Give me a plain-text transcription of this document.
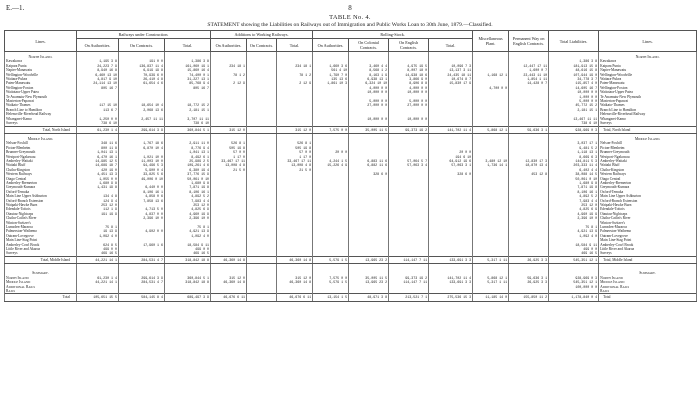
E.—1.	8
TABLE No. 4.
STATEMENT showing the Liabilities on Railways out of Immigration and Public Works Loan to 30th June, 1879.—Classified.
Lines.	Railways under Construction.			Additions to Working Railways.			Rolling-Stock.				Miscellaneous Plant.	Permanent Way on English Contracts.	Total Liabilities.	Lines.
	On Authorities.	On Contracts.	Total.	On Authorities.	On Contracts.	Total.	On Authorities.	On Colonial Contracts.	On English Contracts.	Total.				
North Island.														North Island.
Kawakawa	1,195 3 8	191 0 0	1,386 3 8										1,386 3 8	Kawakawa
Kaipara Punia	24,223 7 9	136,837 11 4	161,060 19 1	234 18 1		234 18 1	1,660 3 6	3,460 4 4	4,975 19 5	10,096 7 3		12,447 17 11	181,913 15 8	Kaipara Punia
Napier-Manawatu	8,940 16 8	6,919 19 8	15,860 16 4				561 4 10	8,568 1 2	8,007 18 0	13,137 3 11		1,600 0 7	48,616 15 8	Napier-Manawatu
Wellington-Woodville	6,460 13 10	70,939 6 0	74,400 0 1	78 1 2		78 1 2	1,790 7 0	8,163 1 9	14,938 18 6	24,435 18 11	1,168 12 1	23,443 11 10	107,944 19 0	Wellington-Woodville
Waitara-Pukea	4,817 9 10	26,410 4 8	31,227 13 1				135 13 6	6,938 13 1	3,866 9 0	10,674 8 7		1,854 1 11	34,778 3 7	Waitara-Pukea
Paten-Manawatu	24,114 13 10	61,654 4 6	85,768 9 4	2 12 9		2 12 9	1,861 10 3	6,324 10 10	8,906 8 8	15,830 17 9		14,428 0 7	115,857 4 0	Paten-Manawatu
Wellington-Foxton	805 16 7		805 16 7					4,000 0 0	4,000 0 0		4,700 0 0		14,605 16 7	Wellington-Foxton
Waitotara-Upper Patea								10,000 0 0	10,000 0 0				10,000 0 0	Waitotara-Upper Patea
Te Awamutu-New Plymouth													1,000 0 0	Te Awamutu-New Plymouth
Masterton-Papawai								5,000 0 0	5,000 0 0				5,000 0 0	Masterton-Papawai
Waikato-Thames	117 15 10	18,654 10 4	18,772 15 2					27,000 0 0	27,000 0 0				45,772 15 2	Waikato-Thames
Branch Line to Hamilton	113 6 7	2,068 13 6	2,181 15 1										2,181 15 1	Branch Line to Hamilton
Helensville-Riverhead Railway														Helensville-Riverhead Railway
Whangarei-Kamo	1,250 0 0	2,457 11 11	3,707 11 11					10,000 0 0	10,000 0 0				13,467 11 11	Whangarei-Kamo
Surveys	738 6 10		738 6 10										738 6 10	Surveys
Total, North Island	61,230 1 4	299,614 3 9	360,844 5 1	315 12 0		315 12 0	7,575 0 0	35,005 11 5	99,373 19 2	141,702 11 4	5,868 12 1	59,636 3 1	928,969 0 3	Total, North Island
Middle Island.														Middle Island.
Nelson-Foxhill	348 11 6	1,767 18 6	2,911 11 0	526 8 1		526 8 1							3,037 17 1	Nelson-Foxhill
Picton-Blenheim	800 11 8	6,870 10 4	8,776 9 4	505 19 8		505 19 8							9,481 5 2	Picton-Blenheim
Brunner-Greymouth	1,041 13 1		1,041 13 1	57 0 0		57 0 0	20 0 0			20 0 0			1,118 13 1	Brunner-Greymouth
Westport-Ngakawau	6,470 16 1	1,021 10 0	8,492 6 1	1 17 0		1 17 0				194 6 10			8,669 6 3	Westport-Ngakawau
Amberley-Waitaki	14,985 12 5	11,003 10 0	25,989 2 5	33,467 17 11		33,467 17 11	4,244 1 5	6,883 11 6	57,064 5 7	64,912 19 6	3,480 12 10	12,830 17 3	144,811 5 3	Amberley-Waitaki
Waitaki Bluff	14,689 18 7	94,496 5 3	109,261 4 6	13,008 4 8		13,008 4 8	15,226 4 9	6,882 11 6	57,063 3 4	57,063 3 1	1,736 14 1	18,870 13 4	203,333 11 4	Waitaki Bluff
Clutha-Kingston	420 19 0	5,900 0 4	6,380 19 4	21 5 0		21 5 0							6,402 4 4	Clutha-Kingston
Western Railways	4,451 13 3	33,825 5 6	37,776 15 9					328 6 0		328 6 0		453 12 8	38,088 14 5	Western Railways
Otago Central	1,055 0 0	49,006 0 10	50,061 0 10										50,061 0 10	Otago Central
Amberley-Bremerton	1,680 9 8		1,680 9 8										1,680 9 8	Amberley-Bremerton
Greymouth-Kumara	1,431 19 8	6,440 0 0	7,871 19 8										7,871 19 8	Greymouth-Kumara
Oxford-Temuka		8,106 16 1	8,106 16 1										8,106 16 1	Oxford-Temuka
Main Line Upper Ashburton	134 4 8	4,858 0 6	4,892 5 2										4,892 5 2	Main Line Upper Ashburton
Oxford-Branch Extension	124 9 4	7,858 13 6	7,983 4 4										7,983 4 4	Oxford-Branch Extension
Waipaki-Hawke Burn	253 12 0		253 12 0										253 12 0	Waipaki-Hawke Burn
Edendale-Toitois	112 1 9	4,713 5 0	4,825 6 9										4,825 6 9	Edendale-Toitois
Otautau-Nightcaps	191 19 9	4,837 0 0	4,960 19 9										4,960 19 9	Otautau-Nightcaps
Clutha-Catlin's River		2,396 10 0	2,396 10 0										2,396 10 0	Clutha-Catlin's River
Winton-Switzer's														Winton-Switzer's
Lumsden-Mararoa	75 8 1		75 8 1										75 8 1	Lumsden-Mararoa
Palmerston-Waihemo	19 13 9	4,902 0 0	4,921 13 9										4,921 13 9	Palmerston-Waihemo
Outram-Lovegrove	1,092 4 0		1,092 4 0										1,092 4 0	Outram-Lovegrove
Main Line-Stag Point														Main Line-Stag Point
Amberley-Cowl Brook	624 8 5	17,960 1 6	18,584 9 11										18,584 9 11	Amberley-Cowl Brook
Little River and Akaroa	499 0 0		499 0 0										499 0 0	Little River and Akaroa
Surveys	469 16 5		469 16 5										469 16 5	Surveys
Total, Middle Island	44,221 14 1	284,531 4 7	318,842 18 8	46,360 14 8		46,360 14 8	5,579 1 5	13,965 23 2	114,147 7 11	133,691 3 3	5,317 1 11	26,925 3 3	545,351 12 1	Total, Middle Island

Summary.														Summary.
North Island	61,230 1 4	299,614 3 9	360,844 5 1	315 12 0		315 12 0	7,575 0 0	35,005 11 5	99,373 19 2	141,702 11 4	5,868 12 1	59,636 3 1	928,969 0 3	North Island
Middle Island	44,221 14 1	284,531 4 7	318,842 18 8	46,360 14 8		46,360 14 8	5,579 1 5	13,965 23 2	114,147 7 11	133,691 3 3	5,317 1 11	26,925 3 3	545,351 12 1	Middle Island
Additional Rails													100,000 0 0	Additional Rails
Rails														Rails
Total	105,651 15 5	584,145 8 4	689,497 3 9	46,676 6 11		46,676 6 11	13,154 1 5	48,971 3 8	213,521 7 1	275,536 15 3	11,185 14 0	155,850 11 2	1,178,840 0 4	Total
